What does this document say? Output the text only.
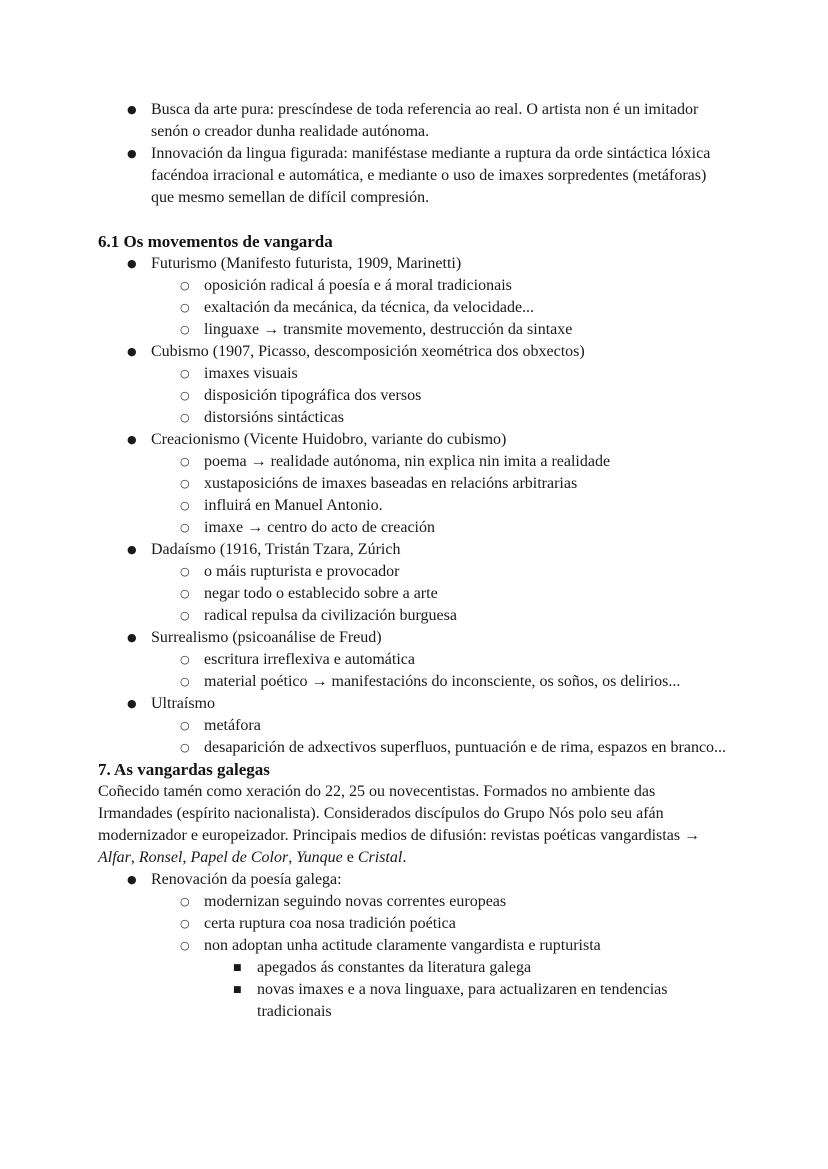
● Busca da arte pura: prescíndese de toda referencia ao real. O artista non é un imitador senón o creador dunha realidade autónoma.
● Innovación da lingua figurada: maniféstase mediante a ruptura da orde sintáctica lóxica facéndoa irracional e automática, e mediante o uso de imaxes sorpredentes (metáforas) que mesmo semellan de difícil compresión.
6.1 Os movementos de vangarda
● Futurismo (Manifesto futurista, 1909, Marinetti)
○ oposición radical á poesía e á moral tradicionais
○ exaltación da mecánica, da técnica, da velocidade...
○ linguaxe → transmite movemento, destrucción da sintaxe
● Cubismo (1907, Picasso, descomposición xeométrica dos obxectos)
○ imaxes visuais
○ disposición tipográfica dos versos
○ distorsións sintácticas
● Creacionismo (Vicente Huidobro, variante do cubismo)
○ poema → realidade autónoma, nin explica nin imita a realidade
○ xustaposicións de imaxes baseadas en relacións arbitrarias
○ influirá en Manuel Antonio.
○ imaxe → centro do acto de creación
● Dadaísmo (1916, Tristán Tzara, Zúrich
○ o máis rupturista e provocador
○ negar todo o establecido sobre a arte
○ radical repulsa da civilización burguesa
● Surrealismo (psicoanálise de Freud)
○ escritura irreflexiva e automática
○ material poético → manifestacións do inconsciente, os soños, os delirios...
● Ultraísmo
○ metáfora
○ desaparición de adxectivos superfluos, puntuación e de rima, espazos en branco...
7. As vangardas galegas

Coñecido tamén como xeración do 22, 25 ou novecentistas. Formados no ambiente das Irmandades (espírito nacionalista). Considerados discípulos do Grupo Nós polo seu afán modernizador e europeizador. Principais medios de difusión: revistas poéticas vangardistas → Alfar, Ronsel, Papel de Color, Yunque e Cristal.

● Renovación da poesía galega:
○ modernizan seguindo novas correntes europeas
○ certa ruptura coa nosa tradición poética
○ non adoptan unha actitude claramente vangardista e rupturista
■ apegados ás constantes da literatura galega
■ novas imaxes e a nova linguaxe, para actualizaren en tendencias tradicionais
